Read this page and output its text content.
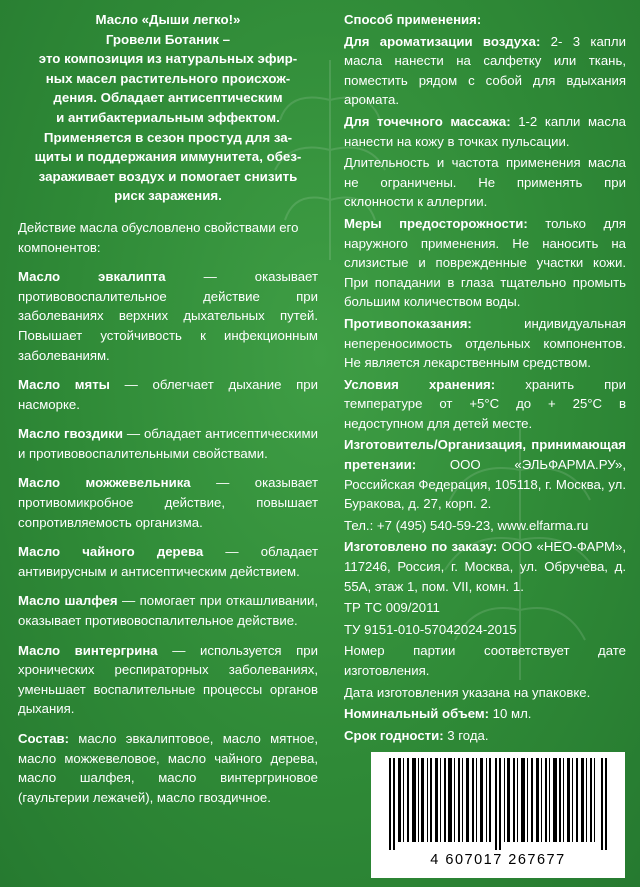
Масло «Дыши легко!»

Гровели Ботаник –

это композиция из натуральных эфир-

ных масел растительного происхож-

дения. Обладает антисептическим

и антибактериальным эффектом.

Применяется в сезон простуд для за-

щиты и поддержания иммунитета, обез-

зараживает воздух и помогает снизить

риск заражения.

Действие масла обусловлено свойствами его компонентов:

Масло эвкалипта — оказывает противовоспалительное действие при заболеваниях верхних дыхательных путей. Повышает устойчивость к инфекционным заболеваниям.

Масло мяты — облегчает дыхание при насморке.

Масло гвоздики — обладает антисептическими и противовоспалительными свойствами.

Масло можжевельника — оказывает противомикробное действие, повышает сопротивляемость организма.

Масло чайного дерева — обладает антивирусным и антисептическим действием.

Масло шалфея — помогает при откашливании, оказывает противовоспалительное действие.

Масло винтергрина — используется при хронических респираторных заболеваниях, уменьшает воспалительные процессы органов дыхания.

Состав: масло эвкалиптовое, масло мятное, масло можжевеловое, масло чайного дерева, масло шалфея, масло винтергриновое (гаультерии лежачей), масло гвоздичное.

Способ применения:

Для ароматизации воздуха: 2- 3 капли масла нанести на салфетку или ткань, поместить рядом с собой для вдыхания аромата.

Для точечного массажа: 1-2 капли масла нанести на кожу в точках пульсации.

Длительность и частота применения масла не ограничены. Не применять при склонности к аллергии.

Меры предосторожности: только для наружного применения. Не наносить на слизистые и поврежденные участки кожи. При попадании в глаза тщательно промыть большим количеством воды.

Противопоказания: индивидуальная непереносимость отдельных компонентов. Не является лекарственным средством.

Условия хранения: хранить при температуре от +5°С до + 25°С в недоступном для детей месте.

Изготовитель/Организация, принимающая претензии: ООО «ЭЛЬФАРМА.РУ», Российская Федерация, 105118, г. Москва, ул. Буракова, д. 27, корп. 2.

Тел.: +7 (495) 540-59-23, www.elfarma.ru

Изготовлено по заказу: ООО «НЕО-ФАРМ», 117246, Россия, г. Москва, ул. Обручева, д. 55А, этаж 1, пом. VII, комн. 1.

ТР ТС 009/2011

ТУ 9151-010-57042024-2015

Номер партии соответствует дате изготовления.

Дата изготовления указана на упаковке.

Номинальный объем: 10 мл.

Срок годности: 3 года.

4 607017 267677
